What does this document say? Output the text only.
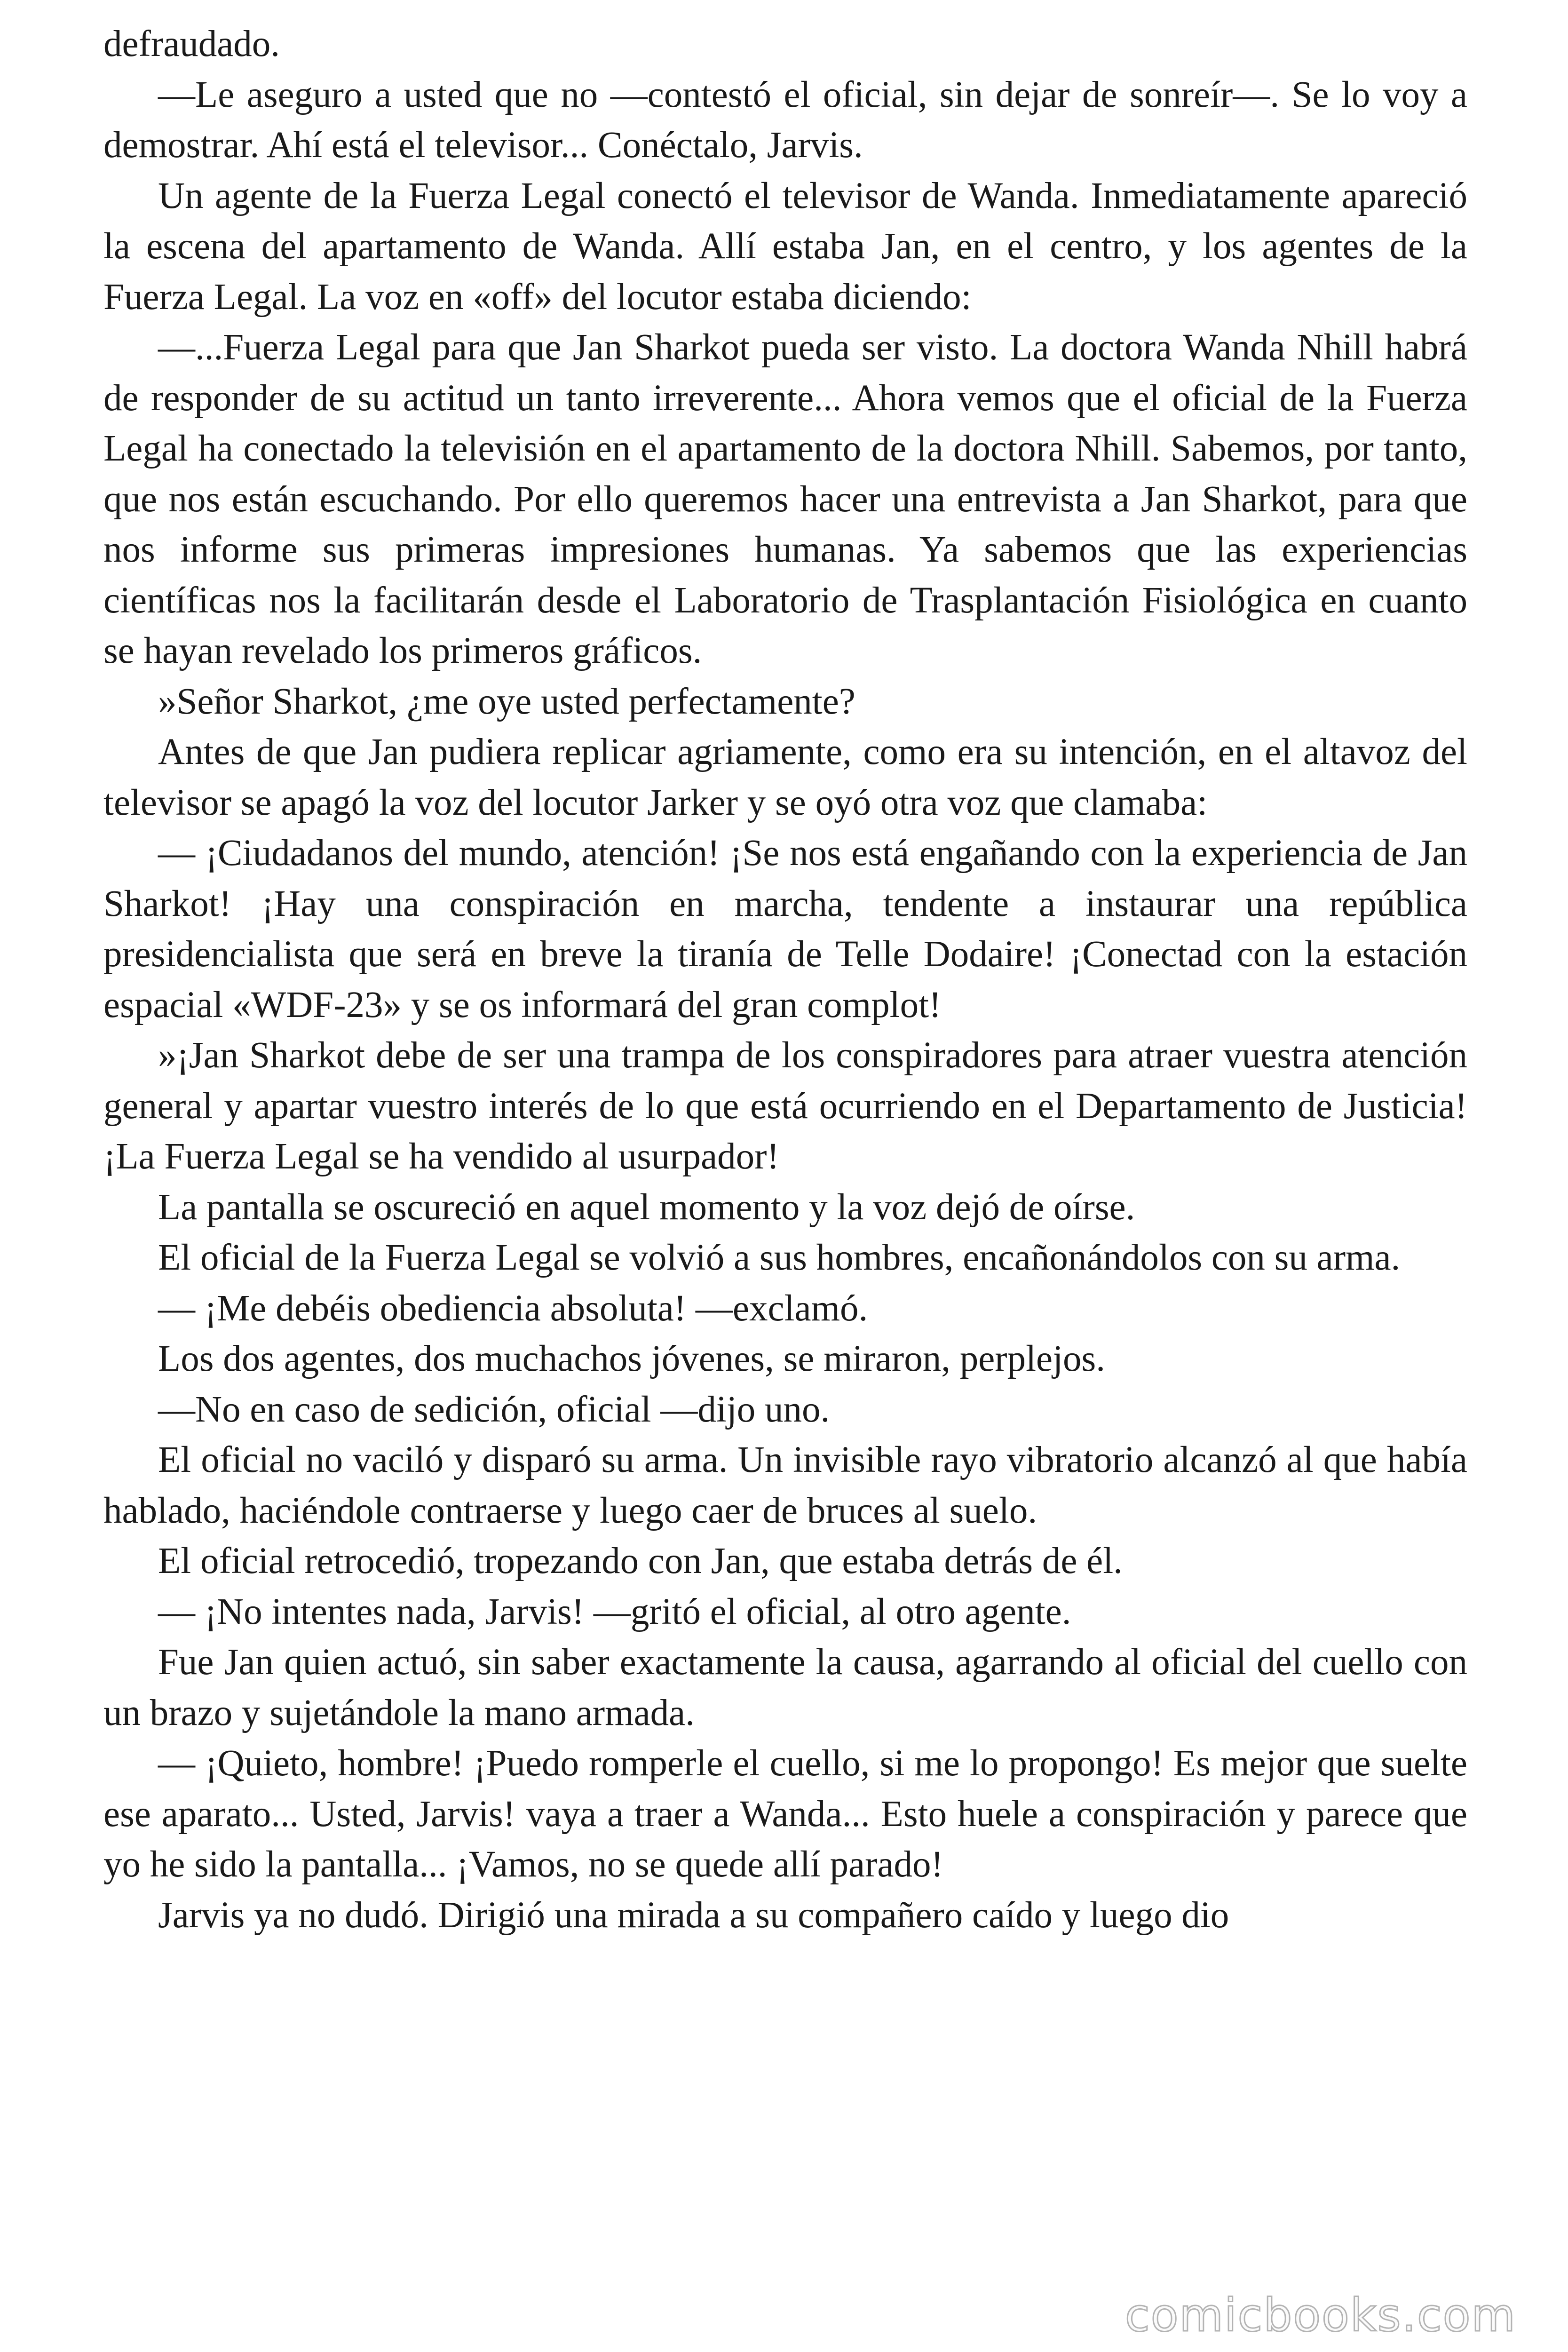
defraudado.

—Le aseguro a usted que no —contestó el oficial, sin dejar de sonreír—. Se lo voy a demostrar. Ahí está el televisor... Conéctalo, Jarvis.

Un agente de la Fuerza Legal conectó el televisor de Wanda. Inmediatamente apareció la escena del apartamento de Wanda. Allí estaba Jan, en el centro, y los agentes de la Fuerza Legal. La voz en «off» del locutor estaba diciendo:

—...Fuerza Legal para que Jan Sharkot pueda ser visto. La doctora Wanda Nhill habrá de responder de su actitud un tanto irreverente... Ahora vemos que el oficial de la Fuerza Legal ha conectado la televisión en el apartamento de la doctora Nhill. Sabemos, por tanto, que nos están escuchando. Por ello queremos hacer una entrevista a Jan Sharkot, para que nos informe sus primeras impresiones humanas. Ya sabemos que las experiencias científicas nos la facilitarán desde el Laboratorio de Trasplantación Fisiológica en cuanto se hayan revelado los primeros gráficos.

»Señor Sharkot, ¿me oye usted perfectamente?

Antes de que Jan pudiera replicar agriamente, como era su intención, en el altavoz del televisor se apagó la voz del locutor Jarker y se oyó otra voz que clamaba:

— ¡Ciudadanos del mundo, atención! ¡Se nos está engañando con la experiencia de Jan Sharkot! ¡Hay una conspiración en marcha, tendente a instaurar una república presidencialista que será en breve la tiranía de Telle Dodaire! ¡Conectad con la estación espacial «WDF-23» y se os informará del gran complot!

»¡Jan Sharkot debe de ser una trampa de los conspiradores para atraer vuestra atención general y apartar vuestro interés de lo que está ocurriendo en el Departamento de Justicia! ¡La Fuerza Legal se ha vendido al usurpador!

La pantalla se oscureció en aquel momento y la voz dejó de oírse.

El oficial de la Fuerza Legal se volvió a sus hombres, encañonándolos con su arma.

— ¡Me debéis obediencia absoluta! —exclamó.

Los dos agentes, dos muchachos jóvenes, se miraron, perplejos.

—No en caso de sedición, oficial —dijo uno.

El oficial no vaciló y disparó su arma. Un invisible rayo vibratorio alcanzó al que había hablado, haciéndole contraerse y luego caer de bruces al suelo.

El oficial retrocedió, tropezando con Jan, que estaba detrás de él.

— ¡No intentes nada, Jarvis! —gritó el oficial, al otro agente.

Fue Jan quien actuó, sin saber exactamente la causa, agarrando al oficial del cuello con un brazo y sujetándole la mano armada.

— ¡Quieto, hombre! ¡Puedo romperle el cuello, si me lo propongo! Es mejor que suelte ese aparato... Usted, Jarvis! vaya a traer a Wanda... Esto huele a conspiración y parece que yo he sido la pantalla... ¡Vamos, no se quede allí parado!

Jarvis ya no dudó. Dirigió una mirada a su compañero caído y luego dio

comicbooks.com
